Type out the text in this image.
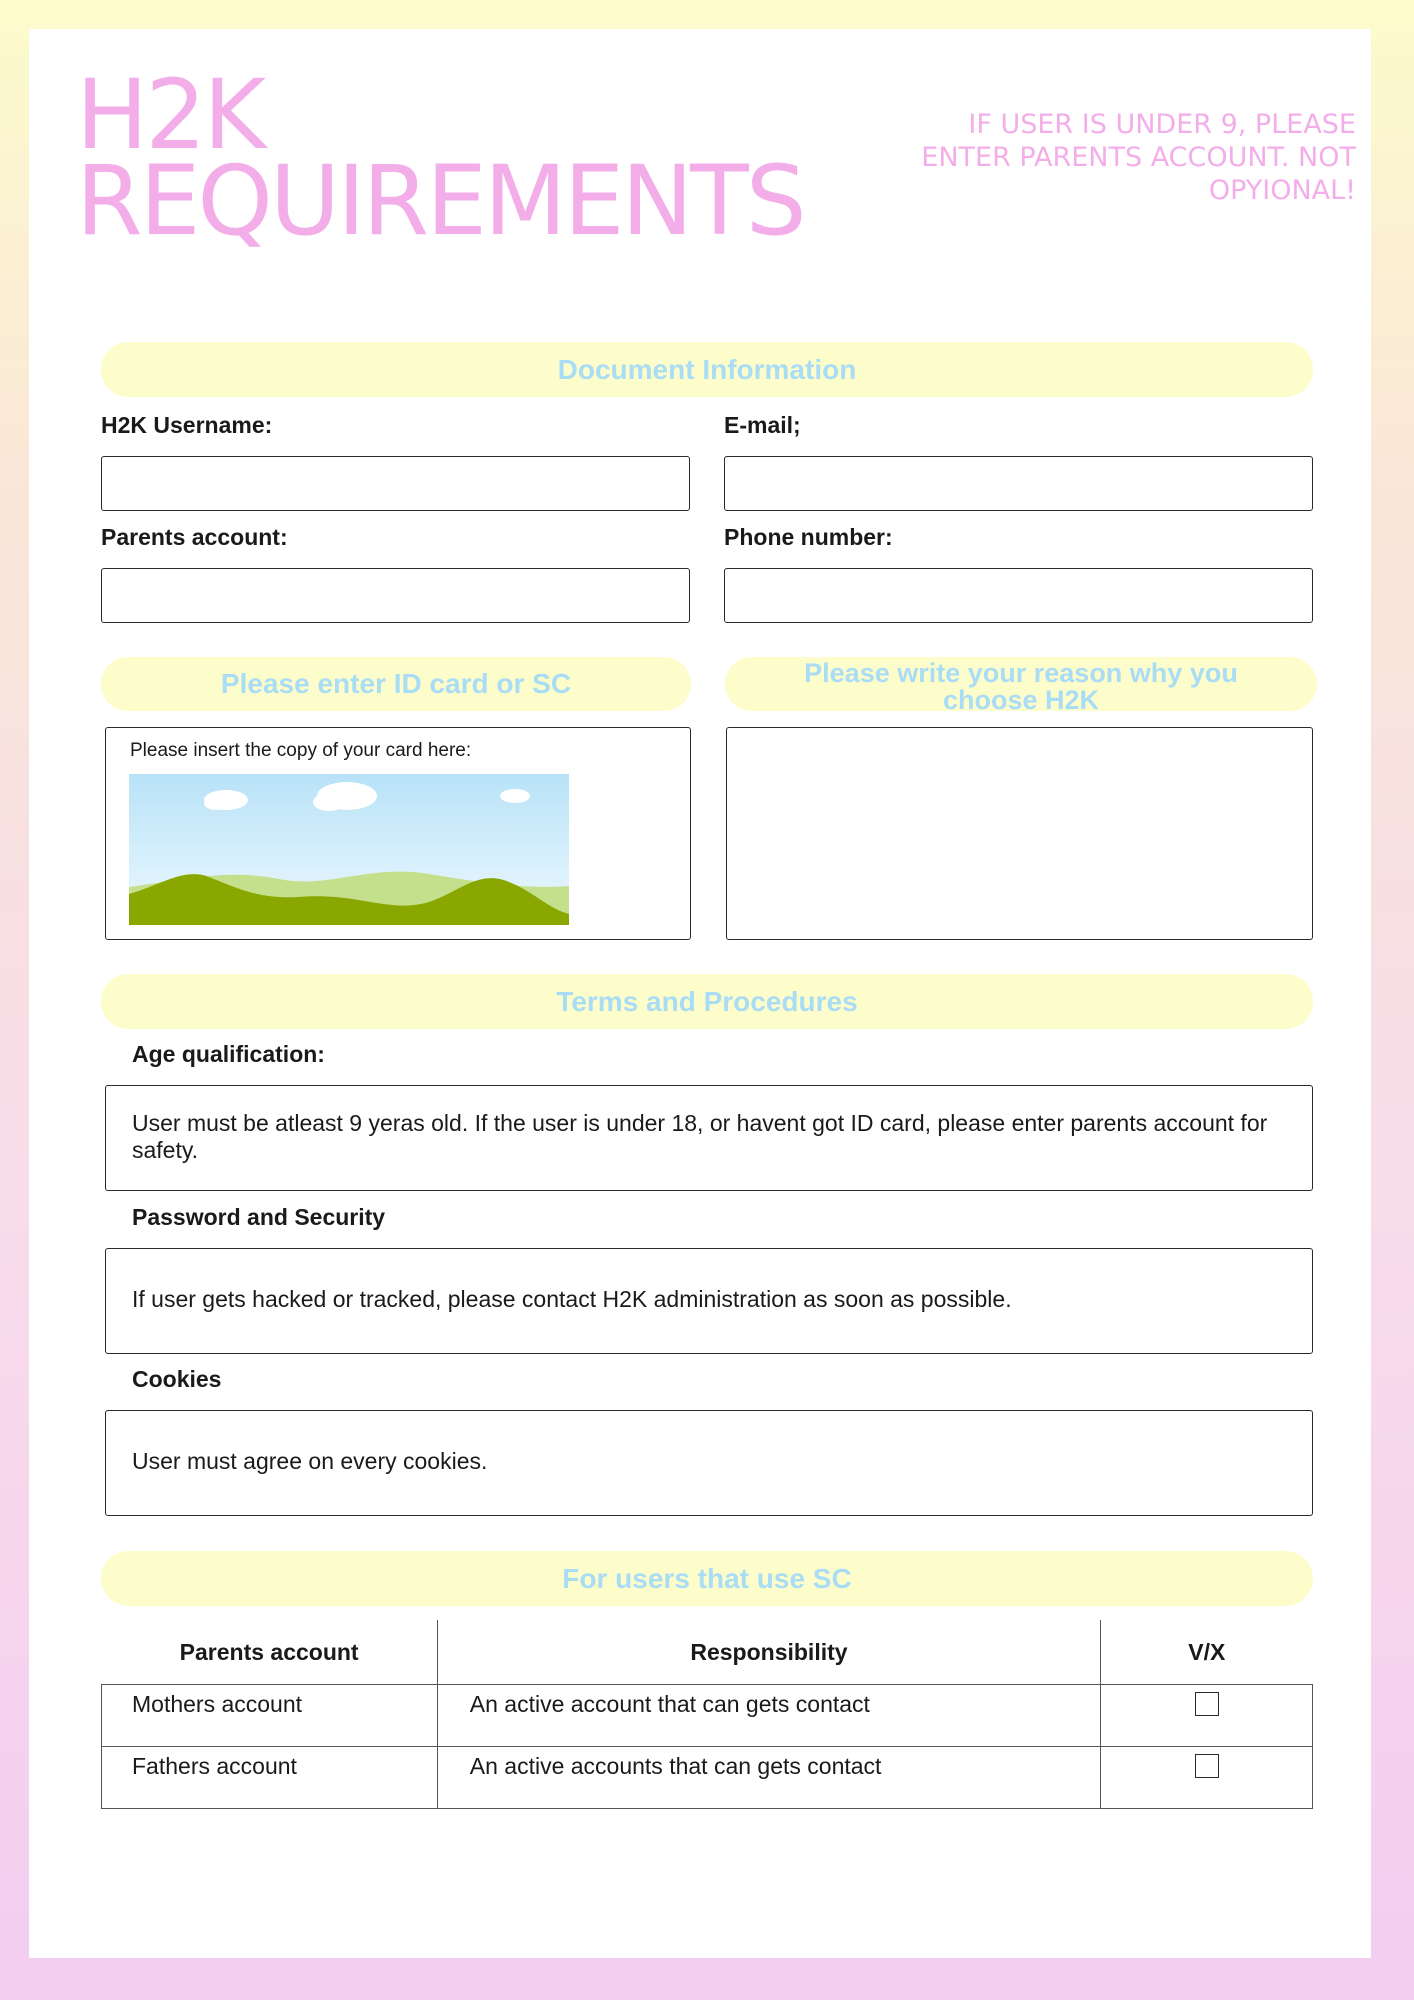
H2K
REQUIREMENTS
IF USER IS UNDER 9, PLEASE ENTER PARENTS ACCOUNT. NOT OPYIONAL!
Document Information
H2K Username:	E-mail;
Parents account:	Phone number:
Please enter ID card or SC
Please insert the copy of your card here:
Please write your reason why you choose H2K
Terms and Procedures
Age qualification:
User must be atleast 9 yeras old. If the user is under 18, or havent got ID card, please enter parents account for safety.
Password and Security
If user gets hacked or tracked, please contact H2K administration as soon as possible.
Cookies
User must agree on every cookies.
For users that use SC
Parents account	Responsibility	V/X
Mothers account	An active account that can gets contact	
Fathers account	An active accounts that can gets contact	
